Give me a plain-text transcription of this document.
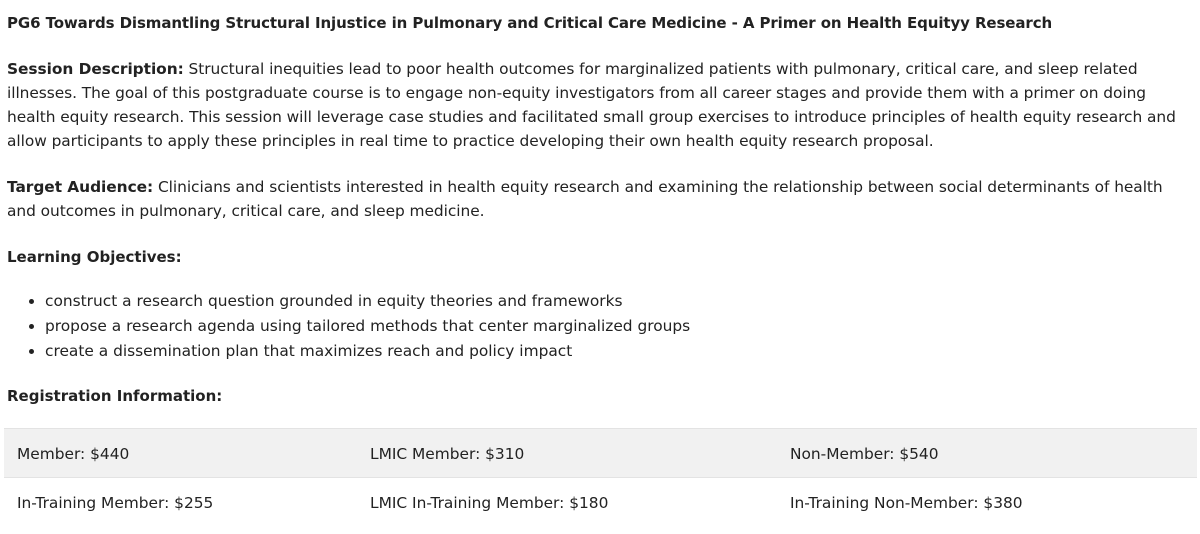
PG6 Towards Dismantling Structural Injustice in Pulmonary and Critical Care Medicine - A Primer on Health Equityy Research
Session Description: Structural inequities lead to poor health outcomes for marginalized patients with pulmonary, critical care, and sleep related illnesses. The goal of this postgraduate course is to engage non-equity investigators from all career stages and provide them with a primer on doing health equity research. This session will leverage case studies and facilitated small group exercises to introduce principles of health equity research and allow participants to apply these principles in real time to practice developing their own health equity research proposal.
Target Audience: Clinicians and scientists interested in health equity research and examining the relationship between social determinants of health and outcomes in pulmonary, critical care, and sleep medicine.
Learning Objectives:
• construct a research question grounded in equity theories and frameworks
• propose a research agenda using tailored methods that center marginalized groups
• create a dissemination plan that maximizes reach and policy impact
Registration Information:
Member: $440	LMIC Member: $310	Non-Member: $540
In-Training Member: $255	LMIC In-Training Member: $180	In-Training Non-Member: $380
